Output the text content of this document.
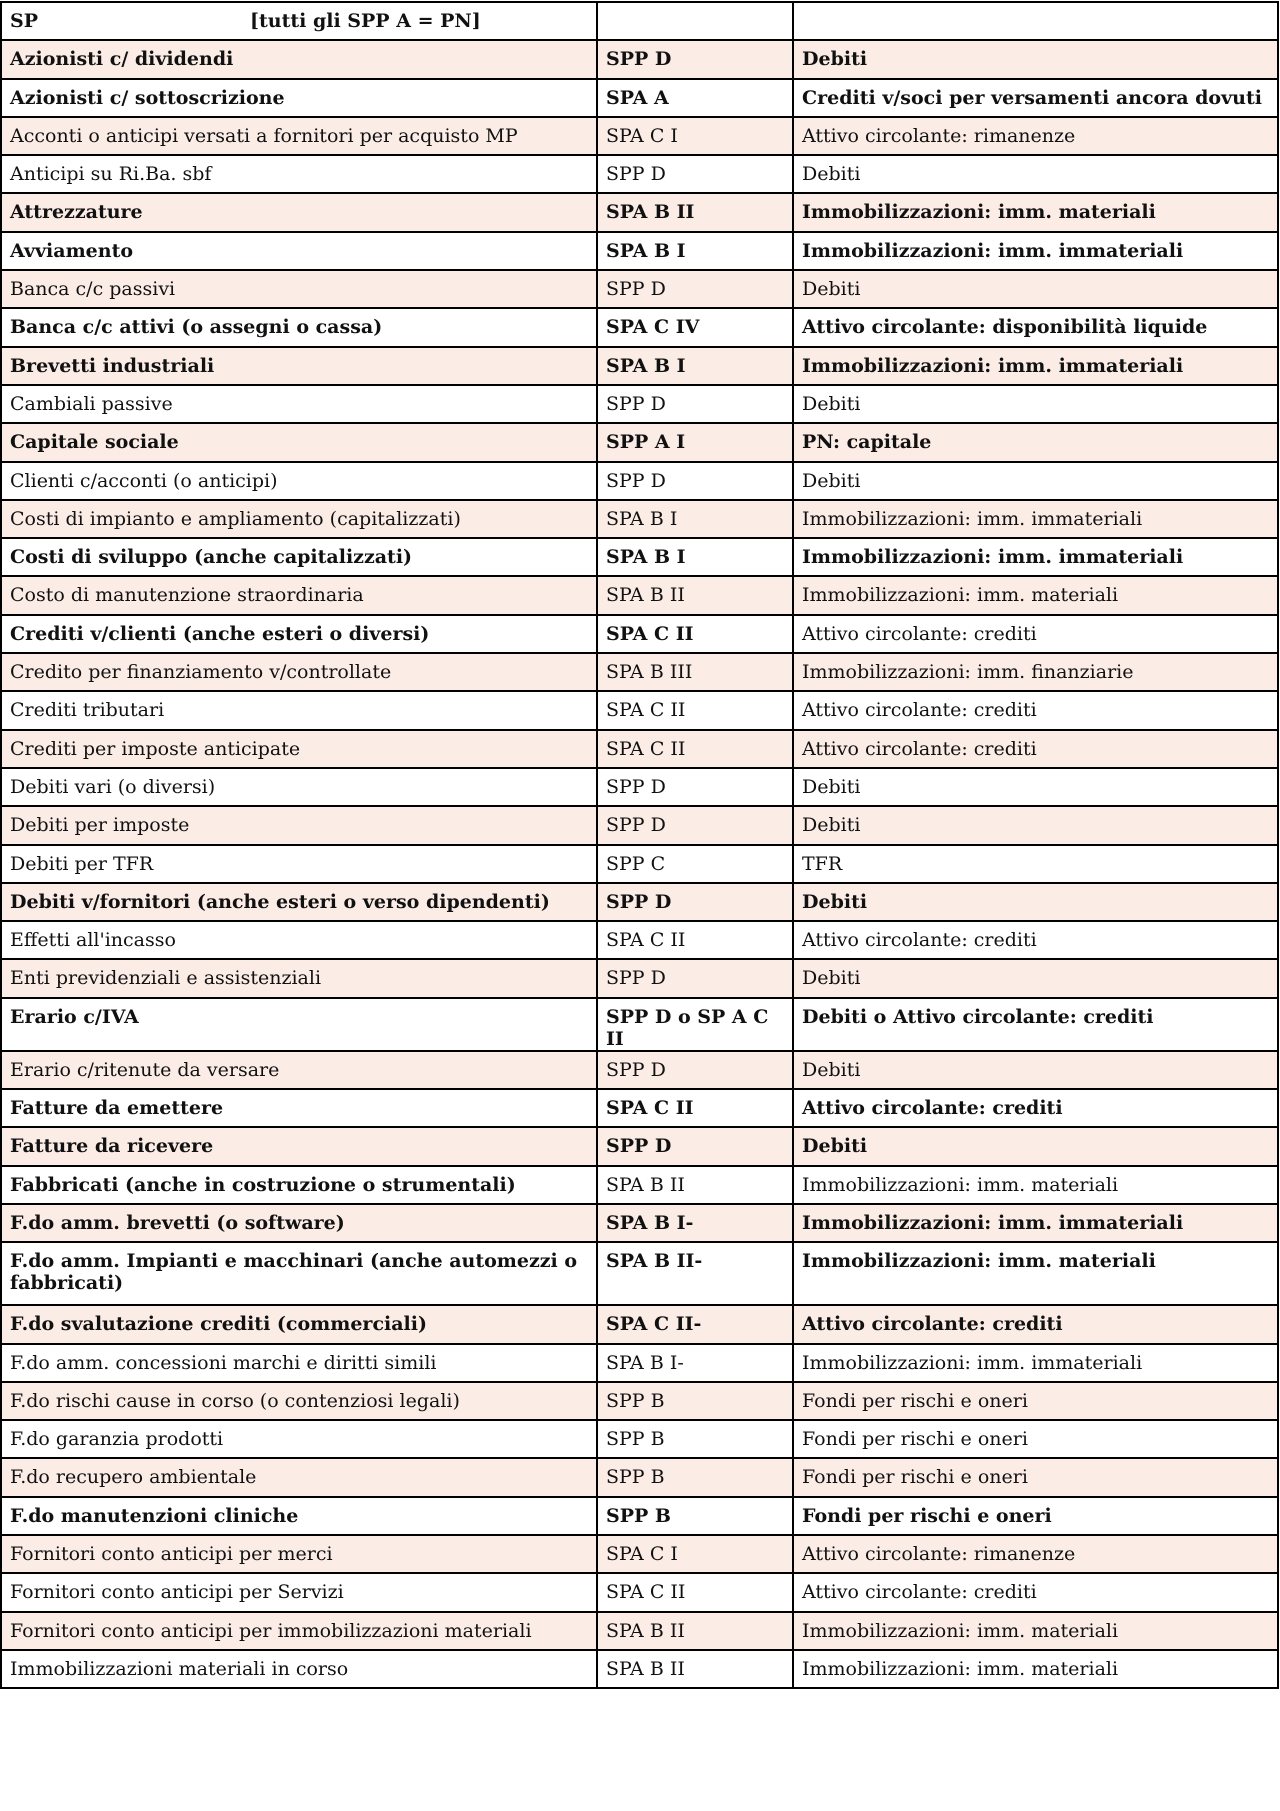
SP [tutti gli SPP A = PN]		

Azionisti c/ dividendi	SPP D	Debiti

Azionisti c/ sottoscrizione	SPA A	Crediti v/soci per versamenti ancora dovuti

Acconti o anticipi versati a fornitori per acquisto MP	SPA C I	Attivo circolante: rimanenze

Anticipi su Ri.Ba. sbf	SPP D	Debiti

Attrezzature	SPA B II	Immobilizzazioni: imm. materiali

Avviamento	SPA B I	Immobilizzazioni: imm. immateriali

Banca c/c passivi	SPP D	Debiti

Banca c/c attivi (o assegni o cassa)	SPA C IV	Attivo circolante: disponibilità liquide

Brevetti industriali	SPA B I	Immobilizzazioni: imm. immateriali

Cambiali passive	SPP D	Debiti

Capitale sociale	SPP A I	PN: capitale

Clienti c/acconti (o anticipi)	SPP D	Debiti

Costi di impianto e ampliamento (capitalizzati)	SPA B I	Immobilizzazioni: imm. immateriali

Costi di sviluppo (anche capitalizzati)	SPA B I	Immobilizzazioni: imm. immateriali

Costo di manutenzione straordinaria	SPA B II	Immobilizzazioni: imm. materiali

Crediti v/clienti (anche esteri o diversi)	SPA C II	Attivo circolante: crediti

Credito per finanziamento v/controllate	SPA B III	Immobilizzazioni: imm. finanziarie

Crediti tributari	SPA C II	Attivo circolante: crediti

Crediti per imposte anticipate	SPA C II	Attivo circolante: crediti

Debiti vari (o diversi)	SPP D	Debiti

Debiti per imposte	SPP D	Debiti

Debiti per TFR	SPP C	TFR

Debiti v/fornitori (anche esteri o verso dipendenti)	SPP D	Debiti

Effetti all'incasso	SPA C II	Attivo circolante: crediti

Enti previdenziali e assistenziali	SPP D	Debiti

Erario c/IVA	SPP D o SP A C II	Debiti o Attivo circolante: crediti

Erario c/ritenute da versare	SPP D	Debiti

Fatture da emettere	SPA C II	Attivo circolante: crediti

Fatture da ricevere	SPP D	Debiti

Fabbricati (anche in costruzione o strumentali)	SPA B II	Immobilizzazioni: imm. materiali

F.do amm. brevetti (o software)	SPA B I-	Immobilizzazioni: imm. immateriali

F.do amm. Impianti e macchinari (anche automezzi o fabbricati)	SPA B II-	Immobilizzazioni: imm. materiali

F.do svalutazione crediti (commerciali)	SPA C II-	Attivo circolante: crediti

F.do amm. concessioni marchi e diritti simili	SPA B I-	Immobilizzazioni: imm. immateriali

F.do rischi cause in corso (o contenziosi legali)	SPP B	Fondi per rischi e oneri

F.do garanzia prodotti	SPP B	Fondi per rischi e oneri

F.do recupero ambientale	SPP B	Fondi per rischi e oneri

F.do manutenzioni cliniche	SPP B	Fondi per rischi e oneri

Fornitori conto anticipi per merci	SPA C I	Attivo circolante: rimanenze

Fornitori conto anticipi per Servizi	SPA C II	Attivo circolante: crediti

Fornitori conto anticipi per immobilizzazioni materiali	SPA B II	Immobilizzazioni: imm. materiali

Immobilizzazioni materiali in corso	SPA B II	Immobilizzazioni: imm. materiali
